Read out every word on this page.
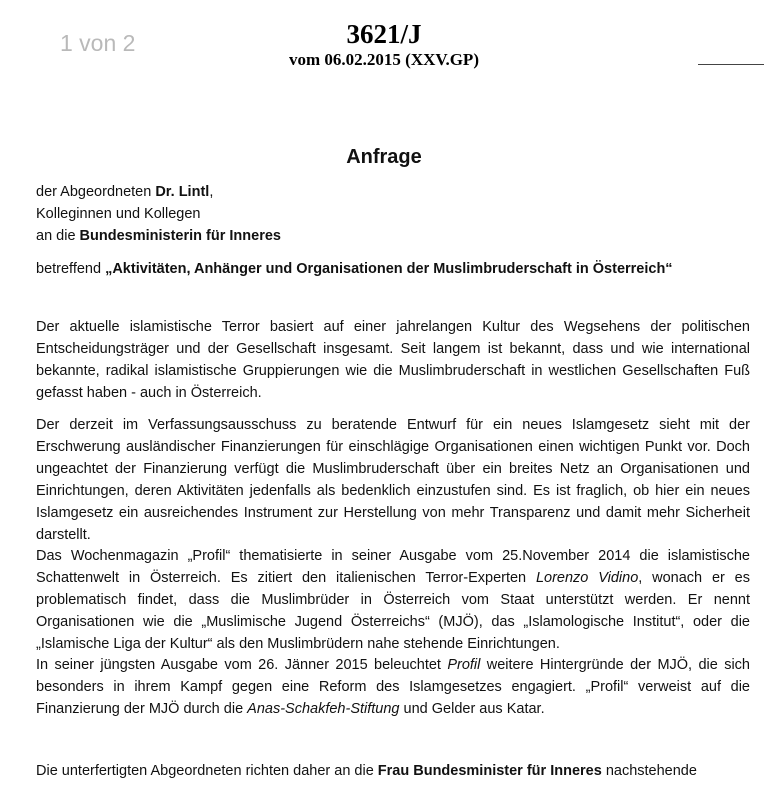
1 von 2	3621/J
vom 06.02.2015 (XXV.GP)
Anfrage
der Abgeordneten Dr. Lintl,
Kolleginnen und Kollegen
an die Bundesministerin für Inneres
betreffend „Aktivitäten, Anhänger und Organisationen der Muslimbruderschaft in Österreich“

Der aktuelle islamistische Terror basiert auf einer jahrelangen Kultur des Wegsehens der politischen Entscheidungsträger und der Gesellschaft insgesamt. Seit langem ist bekannt, dass und wie international bekannte, radikal islamistische Gruppierungen wie die Muslimbruderschaft in westlichen Gesellschaften Fuß gefasst haben - auch in Österreich.

Der derzeit im Verfassungsausschuss zu beratende Entwurf für ein neues Islamgesetz sieht mit der Erschwerung ausländischer Finanzierungen für einschlägige Organisationen einen wichtigen Punkt vor. Doch ungeachtet der Finanzierung verfügt die Muslimbruderschaft über ein breites Netz an Organisationen und Einrichtungen, deren Aktivitäten jedenfalls als bedenklich einzustufen sind. Es ist fraglich, ob hier ein neues Islamgesetz ein ausreichendes Instrument zur Herstellung von mehr Transparenz und damit mehr Sicherheit darstellt.

Das Wochenmagazin „Profil“ thematisierte in seiner Ausgabe vom 25.November 2014 die islamistische Schattenwelt in Österreich. Es zitiert den italienischen Terror-Experten Lorenzo Vidino, wonach er es problematisch findet, dass die Muslimbrüder in Österreich vom Staat unterstützt werden. Er nennt Organisationen wie die „Muslimische Jugend Österreichs“ (MJÖ), das „Islamologische Institut“, oder die „Islamische Liga der Kultur“ als den Muslimbrüdern nahe stehende Einrichtungen.

In seiner jüngsten Ausgabe vom 26. Jänner 2015 beleuchtet Profil weitere Hintergründe der MJÖ, die sich besonders in ihrem Kampf gegen eine Reform des Islamgesetzes engagiert. „Profil“ verweist auf die Finanzierung der MJÖ durch die Anas-Schakfeh-Stiftung und Gelder aus Katar.

Die unterfertigten Abgeordneten richten daher an die Frau Bundesminister für Inneres nachstehende
